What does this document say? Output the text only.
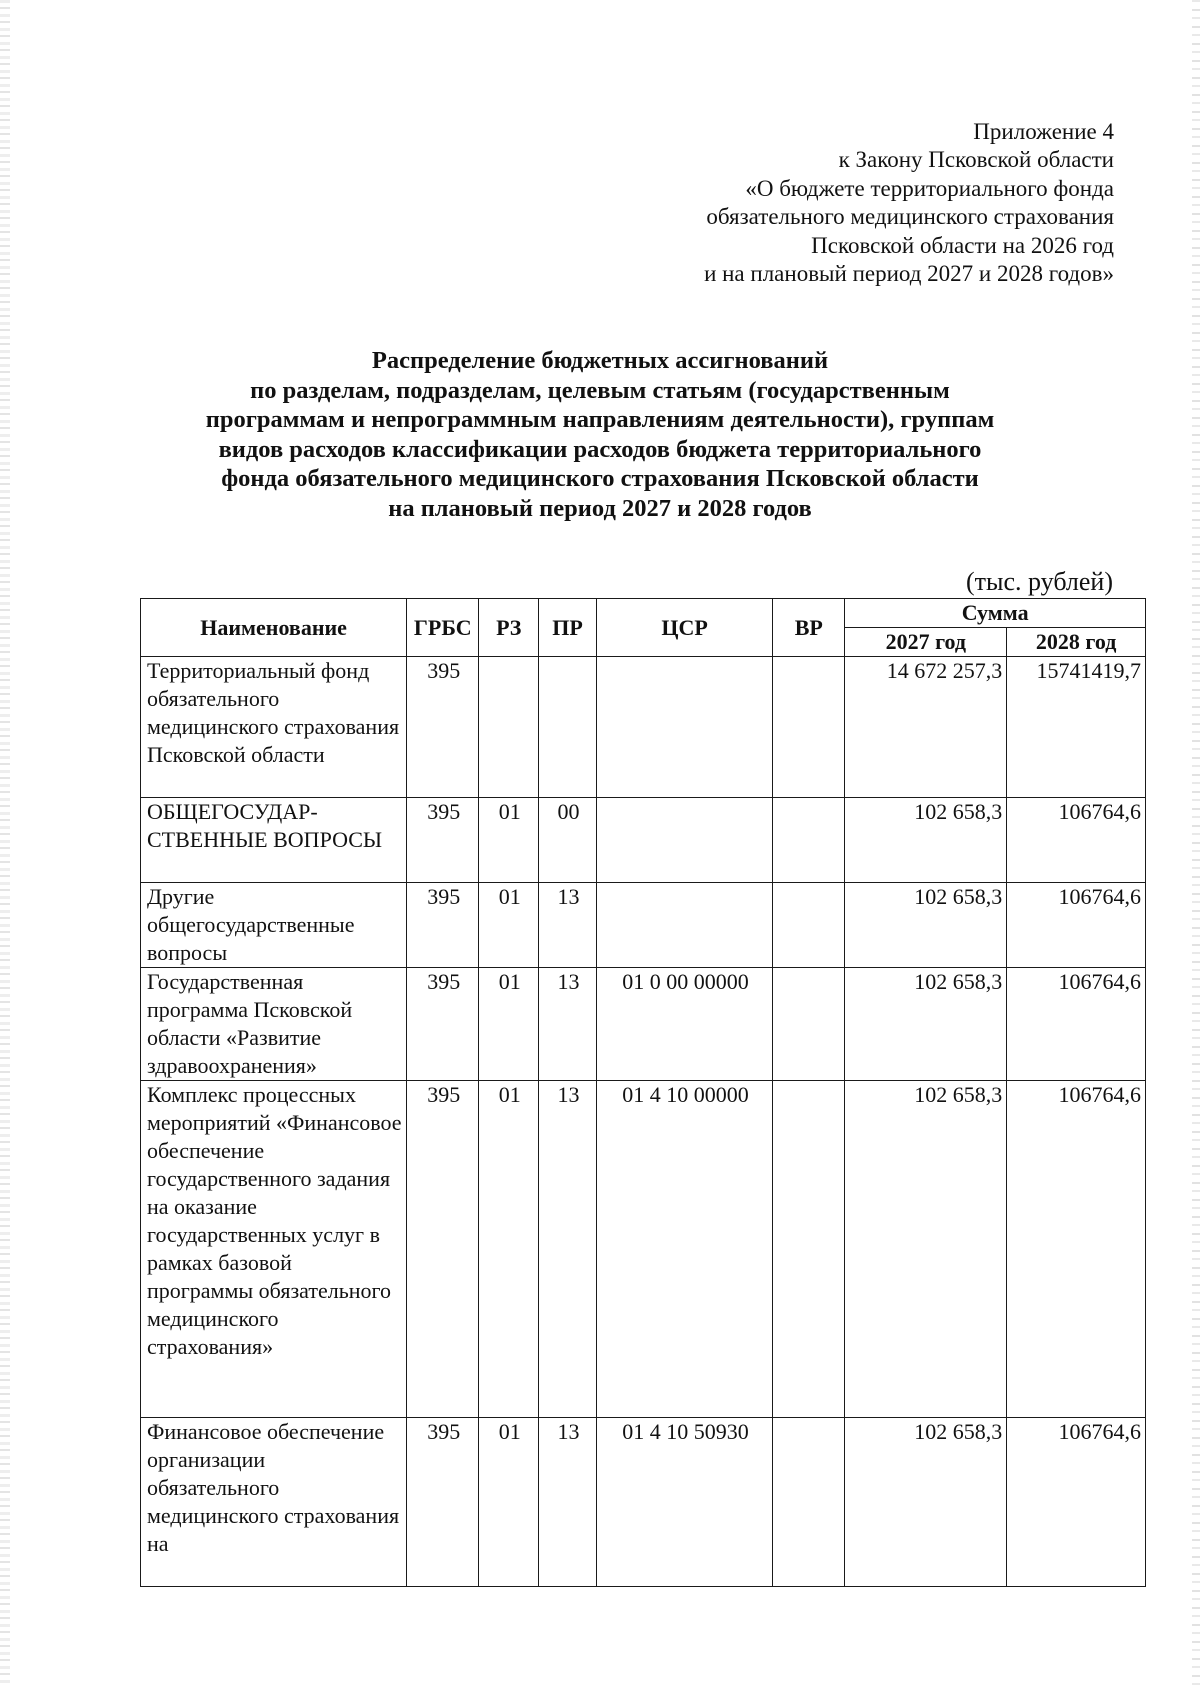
Приложение 4
к Закону Псковской области
«О бюджете территориального фонда
обязательного медицинского страхования
Псковской области на 2026 год
и на плановый период 2027 и 2028 годов»
Распределение бюджетных ассигнований
по разделам, подразделам, целевым статьям (государственным
программам и непрограммным направлениям деятельности), группам
видов расходов классификации расходов бюджета территориального
фонда обязательного медицинского страхования Псковской области
на плановый период 2027 и 2028 годов
(тыс. рублей)
Наименование	ГРБС	РЗ	ПР	ЦСР	ВР	Сумма	
						2027 год	2028 год
Территориальный фонд обязательного медицинского страхования Псковской области	395					14 672 257,3	15741419,7
ОБЩЕГОСУДАР-СТВЕННЫЕ ВОПРОСЫ	395	01	00			102 658,3	106764,6
Другие общегосударственные вопросы	395	01	13			102 658,3	106764,6
Государственная программа Псковской области «Развитие здравоохранения»	395	01	13	01 0 00 00000		102 658,3	106764,6
Комплекс процессных мероприятий «Финансовое обеспечение государственного задания на оказание государственных услуг в рамках базовой программы обязательного медицинского страхования»	395	01	13	01 4 10 00000		102 658,3	106764,6
Финансовое обеспечение организации обязательного медицинского страхования на	395	01	13	01 4 10 50930		102 658,3	106764,6
